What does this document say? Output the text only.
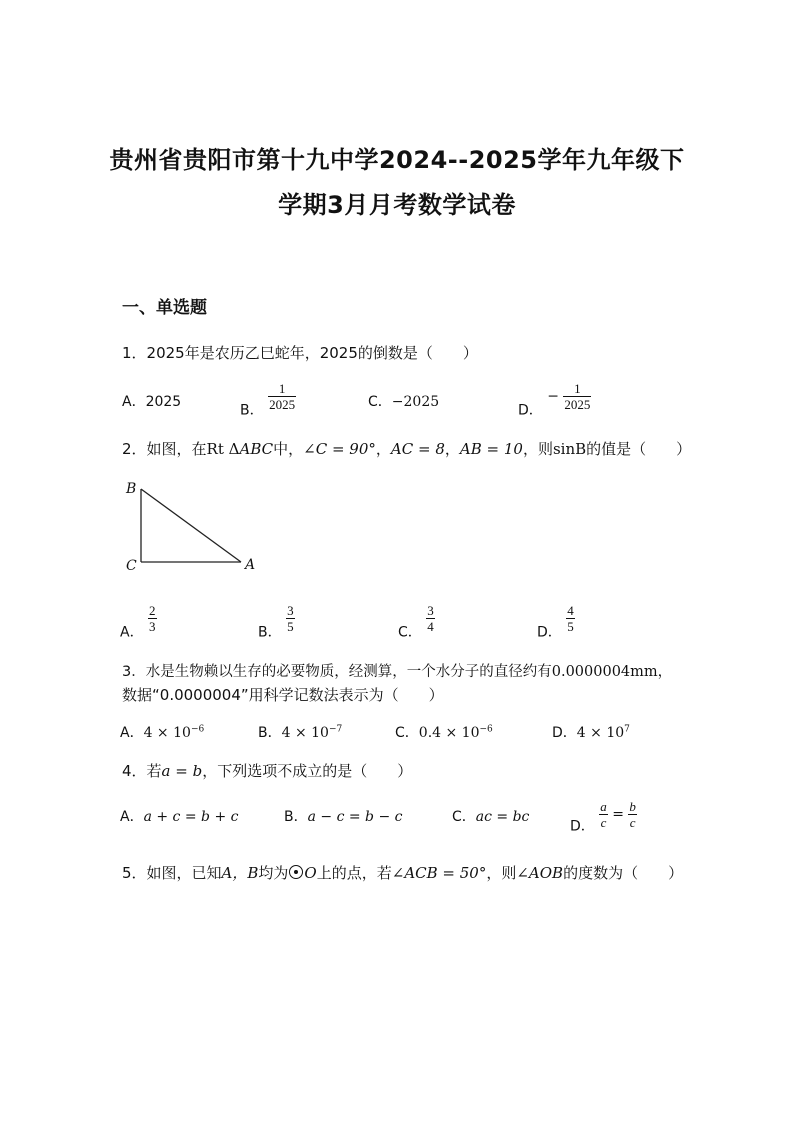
贵州省贵阳市第十九中学2024--2025学年九年级下
学期3月月考数学试卷
一、单选题
1．2025年是农历乙巳蛇年，2025的倒数是（　　）
A．2025
B． $\frac{1}{2025}$	C．−2025
D． − $\frac{1}{2025}$
2．如图，在Rt ΔABC中，∠C = 90°，AC = 8，AB = 10，则sinB的值是（　　）
B
C	A
A． $\frac{2}{3}$	B． $\frac{3}{5}$	C． $\frac{3}{4}$	D． $\frac{4}{5}$
3．水是生物赖以生存的必要物质，经测算，一个水分子的直径约有0.0000004mm，
数据“0.0000004”用科学记数法表示为（　　）
A．$4 \times 10^{-6}$	B．$4 \times 10^{-7}$	C．$0.4 \times 10^{-6}$	D．$4 \times 10^7$
4．若a = b，下列选项不成立的是（　　）
A．a + c = b + c	B．a − c = b − c	C．ac = bc
D． $\frac{a}{c} = \frac{b}{c}$
5．如图，已知A，B均为 O上的点，若∠ACB = 50°，则∠AOB的度数为（　　）
